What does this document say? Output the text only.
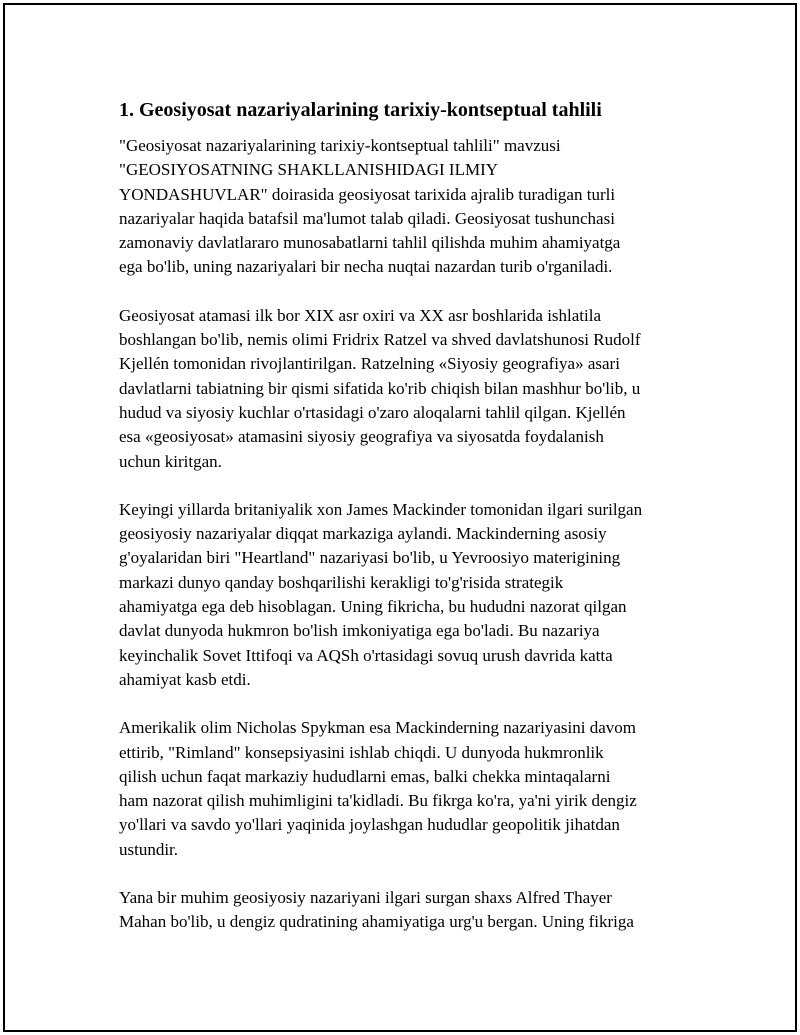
1. Geosiyosat nazariyalarining tarixiy-kontseptual tahlili

"Geosiyosat nazariyalarining tarixiy-kontseptual tahlili" mavzusi
"GEOSIYOSATNING SHAKLLANISHIDAGI ILMIY
YONDASHUVLAR" doirasida geosiyosat tarixida ajralib turadigan turli
nazariyalar haqida batafsil ma'lumot talab qiladi. Geosiyosat tushunchasi
zamonaviy davlatlararo munosabatlarni tahlil qilishda muhim ahamiyatga
ega bo'lib, uning nazariyalari bir necha nuqtai nazardan turib o'rganiladi.

Geosiyosat atamasi ilk bor XIX asr oxiri va XX asr boshlarida ishlatila
boshlangan bo'lib, nemis olimi Fridrix Ratzel va shved davlatshunosi Rudolf
Kjellén tomonidan rivojlantirilgan. Ratzelning «Siyosiy geografiya» asari
davlatlarni tabiatning bir qismi sifatida ko'rib chiqish bilan mashhur bo'lib, u
hudud va siyosiy kuchlar o'rtasidagi o'zaro aloqalarni tahlil qilgan. Kjellén
esa «geosiyosat» atamasini siyosiy geografiya va siyosatda foydalanish
uchun kiritgan.

Keyingi yillarda britaniyalik xon James Mackinder tomonidan ilgari surilgan
geosiyosiy nazariyalar diqqat markaziga aylandi. Mackinderning asosiy
g'oyalaridan biri "Heartland" nazariyasi bo'lib, u Yevroosiyo materigining
markazi dunyo qanday boshqarilishi kerakligi to'g'risida strategik
ahamiyatga ega deb hisoblagan. Uning fikricha, bu hududni nazorat qilgan
davlat dunyoda hukmron bo'lish imkoniyatiga ega bo'ladi. Bu nazariya
keyinchalik Sovet Ittifoqi va AQSh o'rtasidagi sovuq urush davrida katta
ahamiyat kasb etdi.

Amerikalik olim Nicholas Spykman esa Mackinderning nazariyasini davom
ettirib, "Rimland" konsepsiyasini ishlab chiqdi. U dunyoda hukmronlik
qilish uchun faqat markaziy hududlarni emas, balki chekka mintaqalarni
ham nazorat qilish muhimligini ta'kidladi. Bu fikrga ko'ra, ya'ni yirik dengiz
yo'llari va savdo yo'llari yaqinida joylashgan hududlar geopolitik jihatdan
ustundir.

Yana bir muhim geosiyosiy nazariyani ilgari surgan shaxs Alfred Thayer
Mahan bo'lib, u dengiz qudratining ahamiyatiga urg'u bergan. Uning fikriga
